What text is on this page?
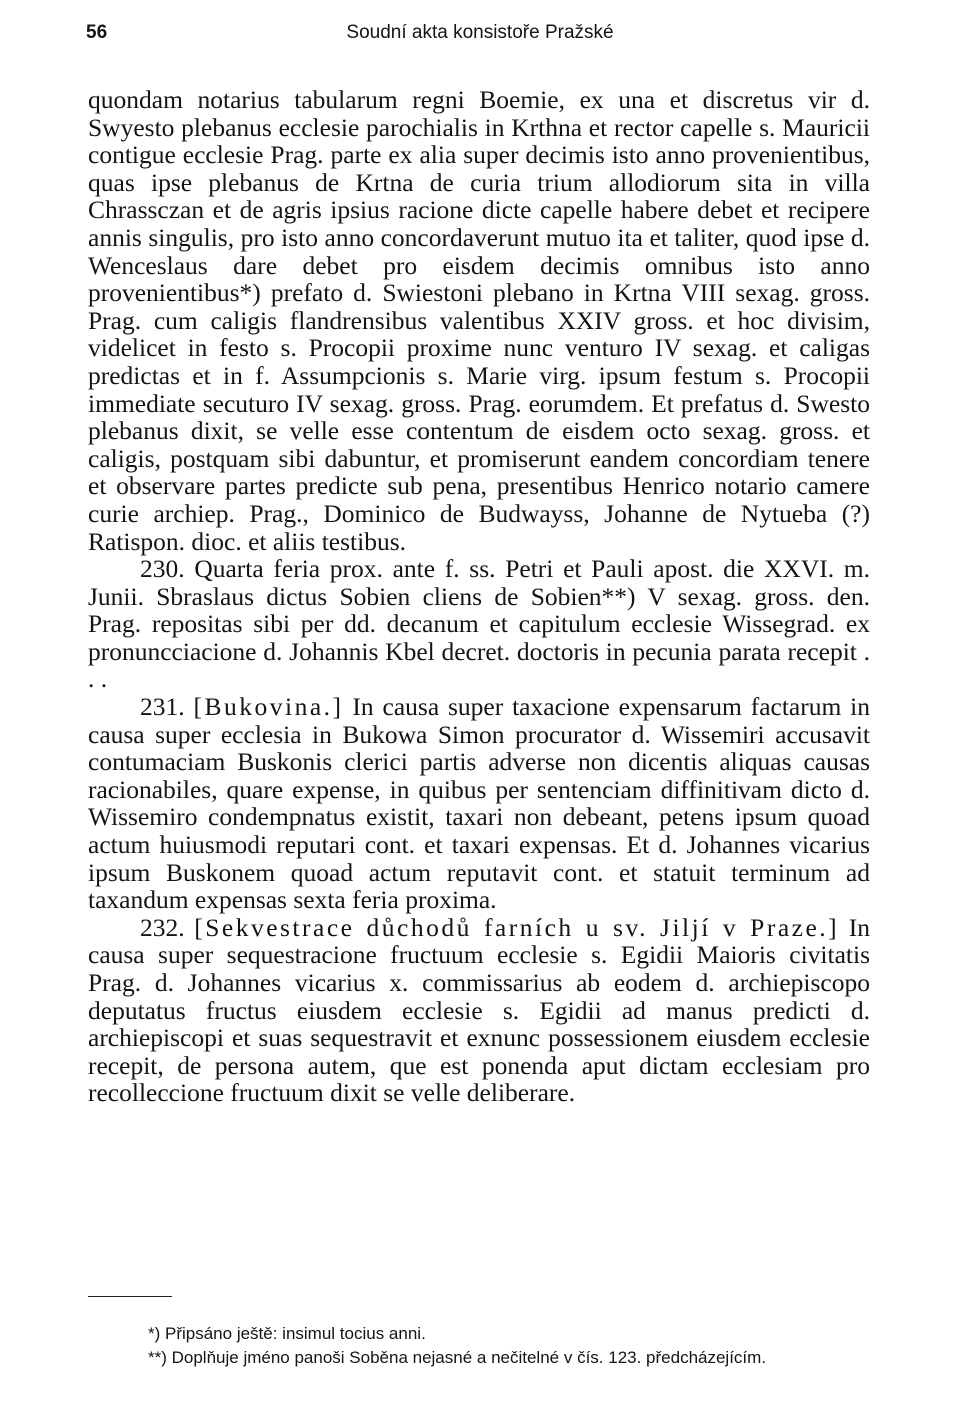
56	Soudní akta konsistoře Pražské

quondam notarius tabularum regni Boemie, ex una et discretus vir d. Swyesto plebanus ecclesie parochialis in Krthna et rector capelle s. Mauricii contigue ecclesie Prag. parte ex alia super decimis isto anno provenientibus, quas ipse plebanus de Krtna de curia trium allodiorum sita in villa Chrassczan et de agris ipsius racione dicte capelle habere debet et recipere annis singulis, pro isto anno concordaverunt mutuo ita et taliter, quod ipse d. Wenceslaus dare debet pro eisdem decimis omnibus isto anno provenientibus*) prefato d. Swiestoni plebano in Krtna VIII sexag. gross. Prag. cum caligis flandrensibus valentibus XXIV gross. et hoc divisim, videlicet in festo s. Procopii proxime nunc venturo IV sexag. et caligas predictas et in f. Assumpcionis s. Marie virg. ipsum festum s. Procopii immediate secuturo IV sexag. gross. Prag. eorumdem. Et prefatus d. Swesto plebanus dixit, se velle esse contentum de eisdem octo sexag. gross. et caligis, postquam sibi dabuntur, et promiserunt eandem concordiam tenere et observare partes predicte sub pena, presentibus Henrico notario camere curie archiep. Prag., Dominico de Budwayss, Johanne de Nytueba (?) Ratispon. dioc. et aliis testibus.

230. Quarta feria prox. ante f. ss. Petri et Pauli apost. die XXVI. m. Junii. Sbraslaus dictus Sobien cliens de Sobien**) V sexag. gross. den. Prag. repositas sibi per dd. decanum et capitulum ecclesie Wissegrad. ex pronuncciacione d. Johannis Kbel decret. doctoris in pecunia parata recepit . . .

231. [Bukovina.] In causa super taxacione expensarum factarum in causa super ecclesia in Bukowa Simon procurator d. Wissemiri accusavit contumaciam Buskonis clerici partis adverse non dicentis aliquas causas racionabiles, quare expense, in quibus per sentenciam diffinitivam dicto d. Wissemiro condempnatus existit, taxari non debeant, petens ipsum quoad actum huiusmodi reputari cont. et taxari expensas. Et d. Johannes vicarius ipsum Buskonem quoad actum reputavit cont. et statuit terminum ad taxandum expensas sexta feria proxima.

232. [Sekvestrace důchodů farních u sv. Jiljí v Praze.] In causa super sequestracione fructuum ecclesie s. Egidii Maioris civitatis Prag. d. Johannes vicarius x. commissarius ab eodem d. archiepiscopo deputatus fructus eiusdem ecclesie s. Egidii ad manus predicti d. archiepiscopi et suas sequestravit et exnunc possessionem eiusdem ecclesie recepit, de persona autem, que est ponenda aput dictam ecclesiam pro recolleccione fructuum dixit se velle deliberare.

*) Připsáno ještě: insimul tocius anni.
**) Doplňuje jméno panoši Soběna nejasné a nečitelné v čís. 123. předcházejícím.
